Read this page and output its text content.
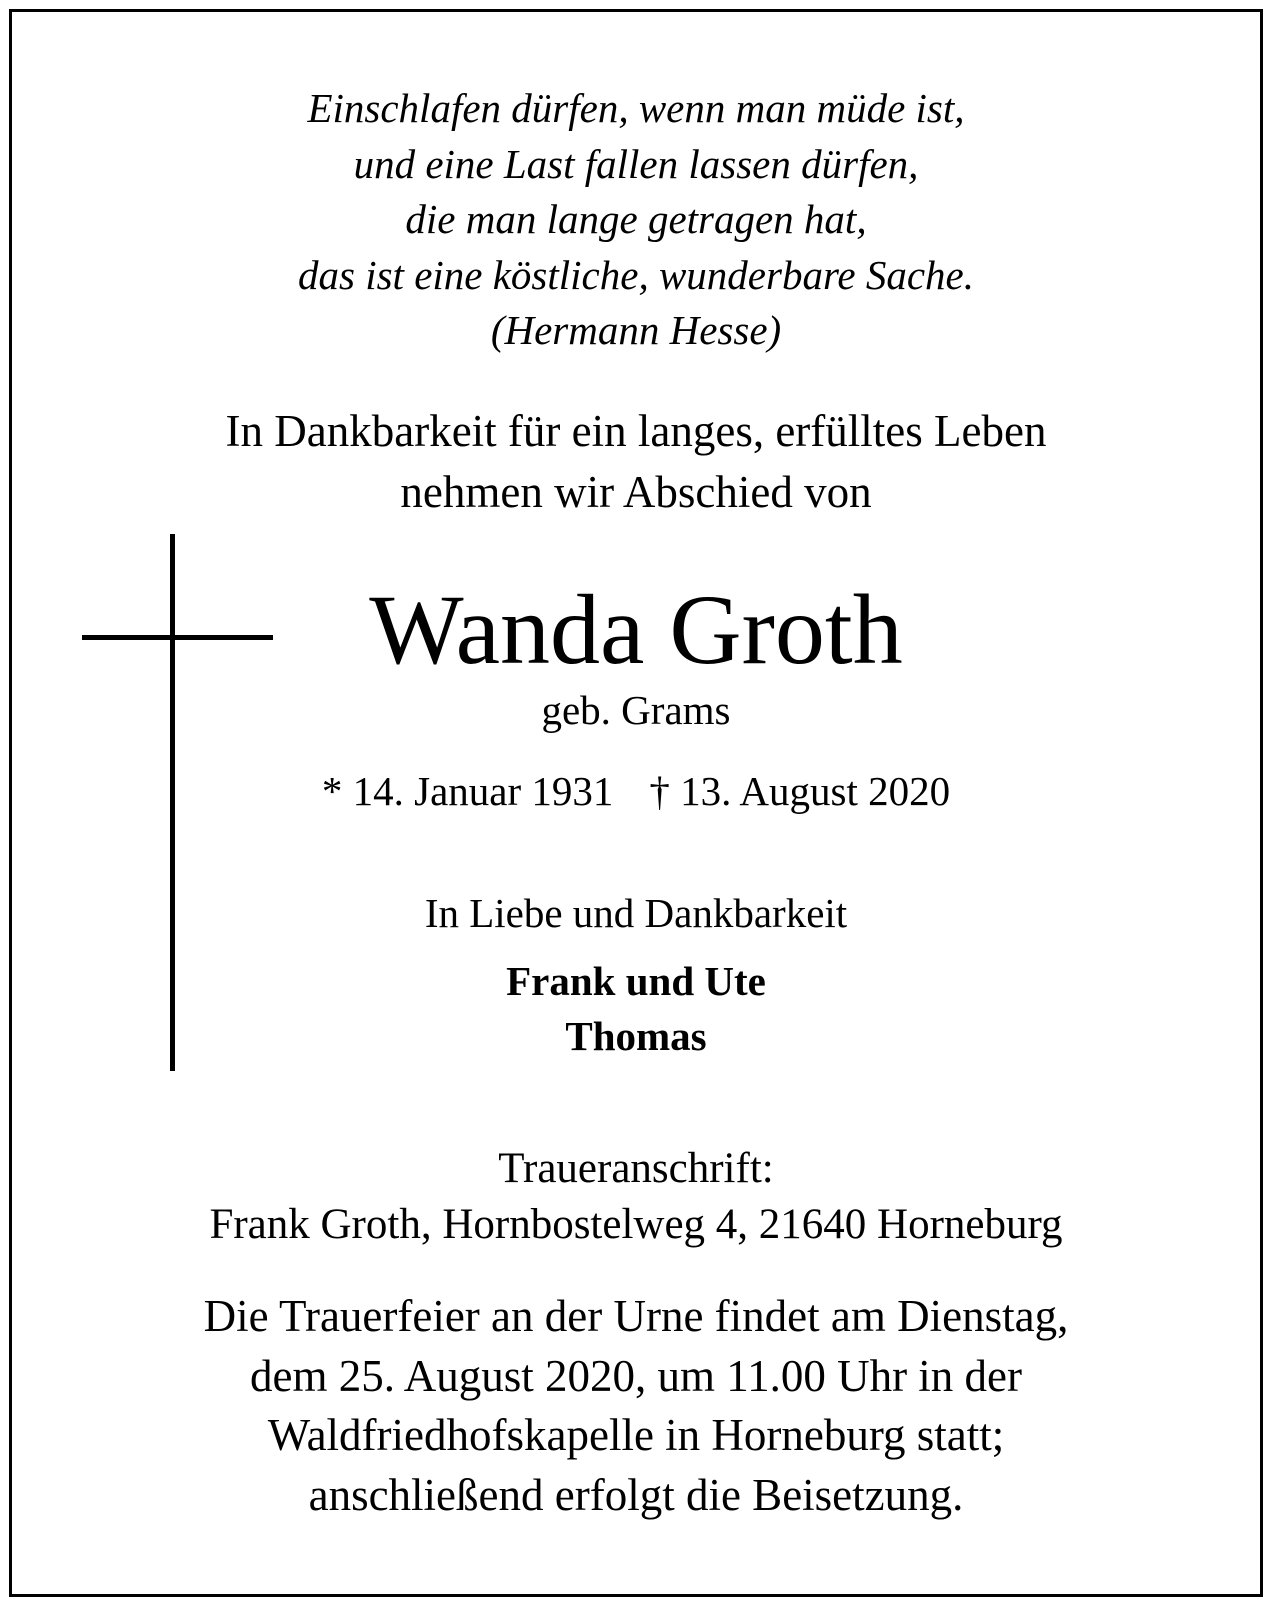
Einschlafen dürfen, wenn man müde ist,
und eine Last fallen lassen dürfen,
die man lange getragen hat,
das ist eine köstliche, wunderbare Sache.
(Hermann Hesse)
In Dankbarkeit für ein langes, erfülltes Leben
nehmen wir Abschied von
Wanda Groth
geb. Grams
* 14. Januar 1931 † 13. August 2020
In Liebe und Dankbarkeit
Frank und Ute
Thomas
Traueranschrift:
Frank Groth, Hornbostelweg 4, 21640 Horneburg
Die Trauerfeier an der Urne findet am Dienstag,
dem 25. August 2020, um 11.00 Uhr in der
Waldfriedhofskapelle in Horneburg statt;
anschließend erfolgt die Beisetzung.
